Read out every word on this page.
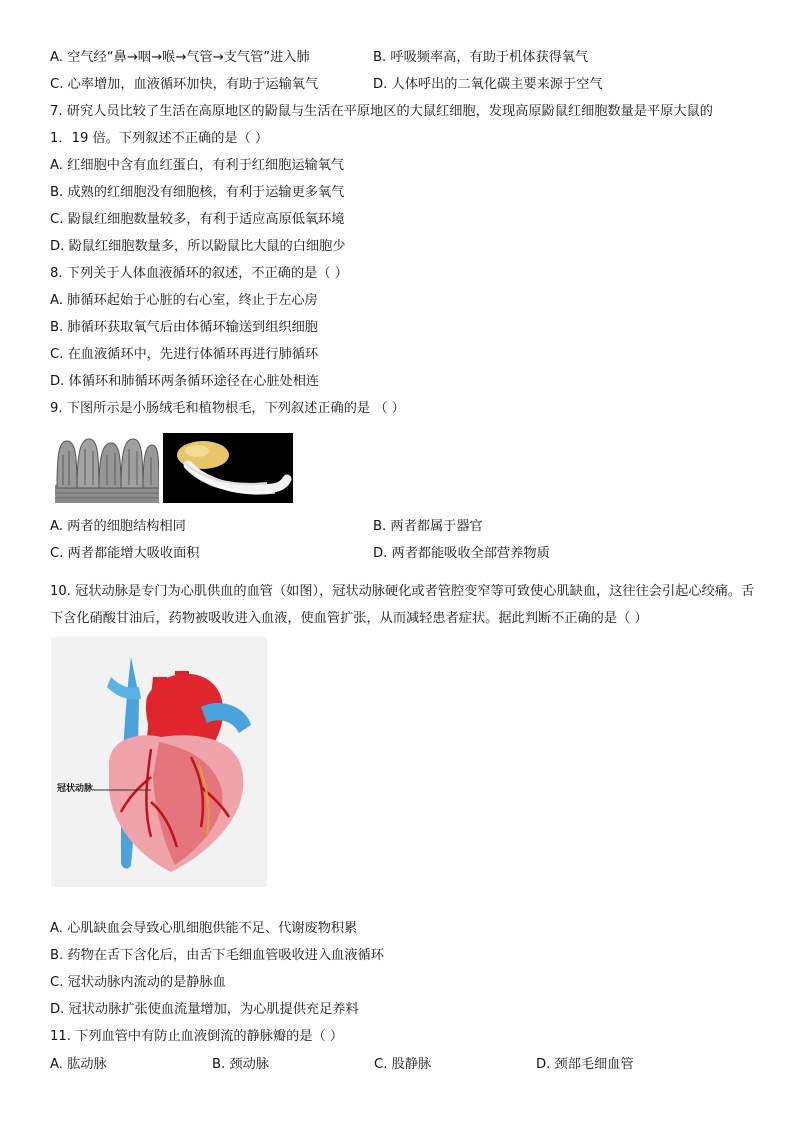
A. 空气经“鼻→咽→喉→气管→支气管”进入肺	B. 呼吸频率高，有助于机体获得氧气
C. 心率增加，血液循环加快，有助于运输氧气	D. 人体呼出的二氧化碳主要来源于空气
7. 研究人员比较了生活在高原地区的鼢鼠与生活在平原地区的大鼠红细胞，发现高原鼢鼠红细胞数量是平原大鼠的
1．19 倍。下列叙述不正确的是（ ）
A. 红细胞中含有血红蛋白，有利于红细胞运输氧气
B. 成熟的红细胞没有细胞核，有利于运输更多氧气
C. 鼢鼠红细胞数量较多，有利于适应高原低氧环境
D. 鼢鼠红细胞数量多，所以鼢鼠比大鼠的白细胞少
8. 下列关于人体血液循环的叙述，不正确的是（ ）
A. 肺循环起始于心脏的右心室，终止于左心房
B. 肺循环获取氧气后由体循环输送到组织细胞
C. 在血液循环中，先进行体循环再进行肺循环
D. 体循环和肺循环两条循环途径在心脏处相连
9. 下图所示是小肠绒毛和植物根毛，下列叙述正确的是 （ ）
A. 两者的细胞结构相同	B. 两者都属于器官
C. 两者都能增大吸收面积	D. 两者都能吸收全部营养物质
10. 冠状动脉是专门为心肌供血的血管（如图），冠状动脉硬化或者管腔变窄等可致使心肌缺血，这往往会引起心绞痛。舌下含化硝酸甘油后，药物被吸收进入血液，使血管扩张，从而减轻患者症状。据此判断不正确的是（ ）
冠状动脉
A. 心肌缺血会导致心肌细胞供能不足、代谢废物积累
B. 药物在舌下含化后，由舌下毛细血管吸收进入血液循环
C. 冠状动脉内流动的是静脉血
D. 冠状动脉扩张使血流量增加，为心肌提供充足养料
11. 下列血管中有防止血液倒流的静脉瓣的是（ ）
A. 肱动脉	B. 颈动脉	C. 股静脉	D. 颈部毛细血管
